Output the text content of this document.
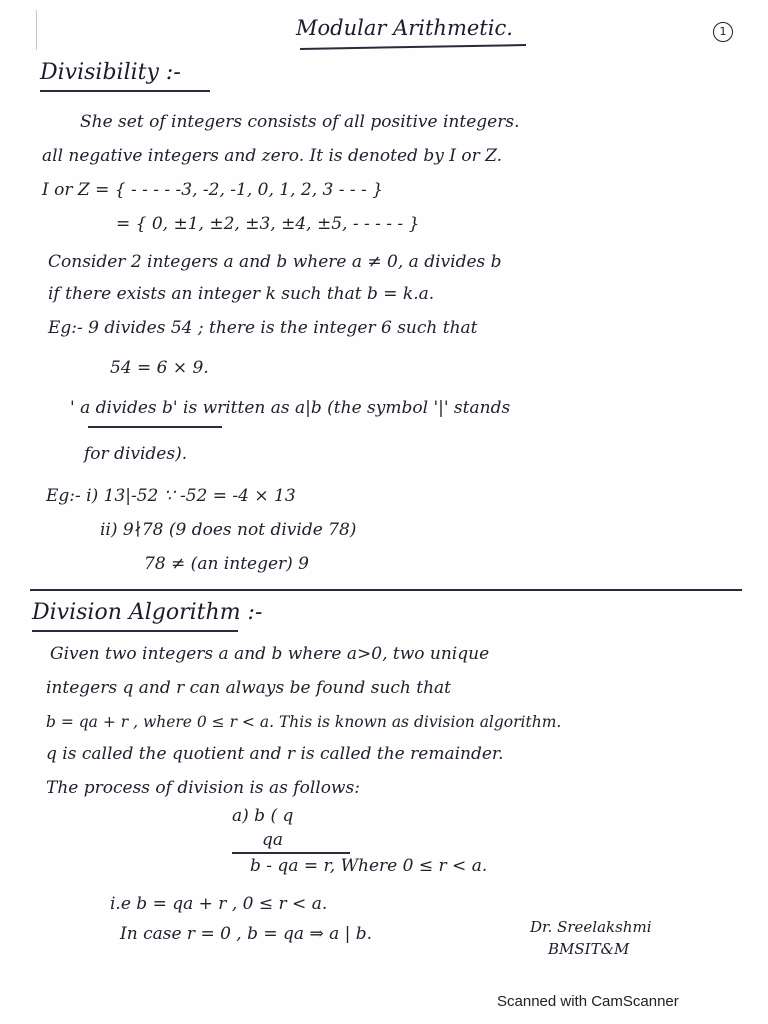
Modular Arithmetic.	1
Divisibility :-
She set of integers consists of all positive integers.
all negative integers and zero. It is denoted by I or Z.
I or Z = { - - - - -3, -2, -1, 0, 1, 2, 3 - - - }
= { 0, ±1, ±2, ±3, ±4, ±5, - - - - - }
Consider 2 integers a and b where a ≠ 0, a divides b
if there exists an integer k such that b = k.a.
Eg:- 9 divides 54 ; there is the integer 6 such that
54 = 6 × 9.
' a divides b' is written as a|b (the symbol '|' stands
for divides).
Eg:- i) 13|-52 ∵ -52 = -4 × 13
ii) 9∤78 (9 does not divide 78)
78 ≠ (an integer) 9
Division Algorithm :-
Given two integers a and b where a>0, two unique
integers q and r can always be found such that
b = qa + r , where 0 ≤ r < a. This is known as division algorithm.
q is called the quotient and r is called the remainder.
The process of division is as follows:
a) b ( q
qa
b - qa = r, Where 0 ≤ r < a.
i.e b = qa + r , 0 ≤ r < a.
In case r = 0 , b = qa ⇒ a | b.	Dr. Sreelakshmi
BMSIT&M
Scanned with CamScanner
